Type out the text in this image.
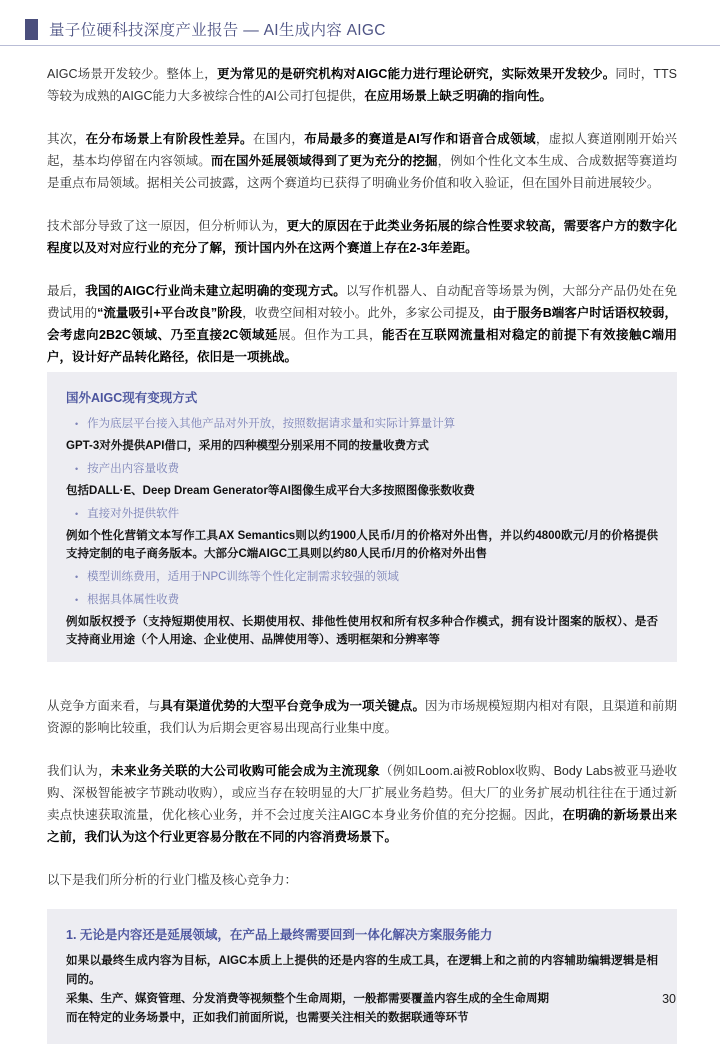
量子位硬科技深度产业报告 — AI生成内容 AIGC
AIGC场景开发较少。整体上，更为常见的是研究机构对AIGC能力进行理论研究，实际效果开发较少。同时，TTS等较为成熟的AIGC能力大多被综合性的AI公司打包提供，在应用场景上缺乏明确的指向性。
其次，在分布场景上有阶段性差异。在国内，布局最多的赛道是AI写作和语音合成领域，虚拟人赛道刚刚开始兴起，基本均停留在内容领域。而在国外延展领域得到了更为充分的挖掘，例如个性化文本生成、合成数据等赛道均是重点布局领域。据相关公司披露，这两个赛道均已获得了明确业务价值和收入验证，但在国外目前进展较少。
技术部分导致了这一原因，但分析师认为，更大的原因在于此类业务拓展的综合性要求较高，需要客户方的数字化程度以及对对应行业的充分了解，预计国内外在这两个赛道上存在2-3年差距。
最后，我国的AIGC行业尚未建立起明确的变现方式。以写作机器人、自动配音等场景为例，大部分产品仍处在免费试用的“流量吸引+平台改良”阶段，收费空间相对较小。此外，多家公司提及，由于服务B端客户时话语权较弱，会考虑向2B2C领域、乃至直接2C领域延展。但作为工具，能否在互联网流量相对稳定的前提下有效接触C端用户，设计好产品转化路径，依旧是一项挑战。
国外AIGC现有变现方式
• 作为底层平台接入其他产品对外开放，按照数据请求量和实际计算量计算
GPT-3对外提供API借口，采用的四种模型分别采用不同的按量收费方式
• 按产出内容量收费
包括DALL·E、Deep Dream Generator等AI图像生成平台大多按照图像张数收费
• 直接对外提供软件
例如个性化营销文本写作工具AX Semantics则以约1900人民币/月的价格对外出售，并以约4800欧元/月的价格提供支持定制的电子商务版本。大部分C端AIGC工具则以约80人民币/月的价格对外出售
• 模型训练费用，适用于NPC训练等个性化定制需求较强的领域
• 根据具体属性收费
例如版权授予（支持短期使用权、长期使用权、排他性使用权和所有权多种合作模式，拥有设计图案的版权）、是否支持商业用途（个人用途、企业使用、品牌使用等）、透明框架和分辨率等
从竞争方面来看，与具有渠道优势的大型平台竞争成为一项关键点。因为市场规模短期内相对有限，且渠道和前期资源的影响比较重，我们认为后期会更容易出现高行业集中度。
我们认为，未来业务关联的大公司收购可能会成为主流现象（例如Loom.ai被Roblox收购、Body Labs被亚马逊收购、深极智能被字节跳动收购），或应当存在较明显的大厂扩展业务趋势。但大厂的业务扩展动机往往在于通过新卖点快速获取流量，优化核心业务，并不会过度关注AIGC本身业务价值的充分挖掘。因此，在明确的新场景出来之前，我们认为这个行业更容易分散在不同的内容消费场景下。
以下是我们所分析的行业门槛及核心竞争力：
1. 无论是内容还是延展领域，在产品上最终需要回到一体化解决方案服务能力
如果以最终生成内容为目标，AIGC本质上上提供的还是内容的生成工具，在逻辑上和之前的内容辅助编辑逻辑是相同的。
采集、生产、媒资管理、分发消费等视频整个生命周期，一般都需要覆盖内容生成的全生命周期
而在特定的业务场景中，正如我们前面所说，也需要关注相关的数据联通等环节
30
